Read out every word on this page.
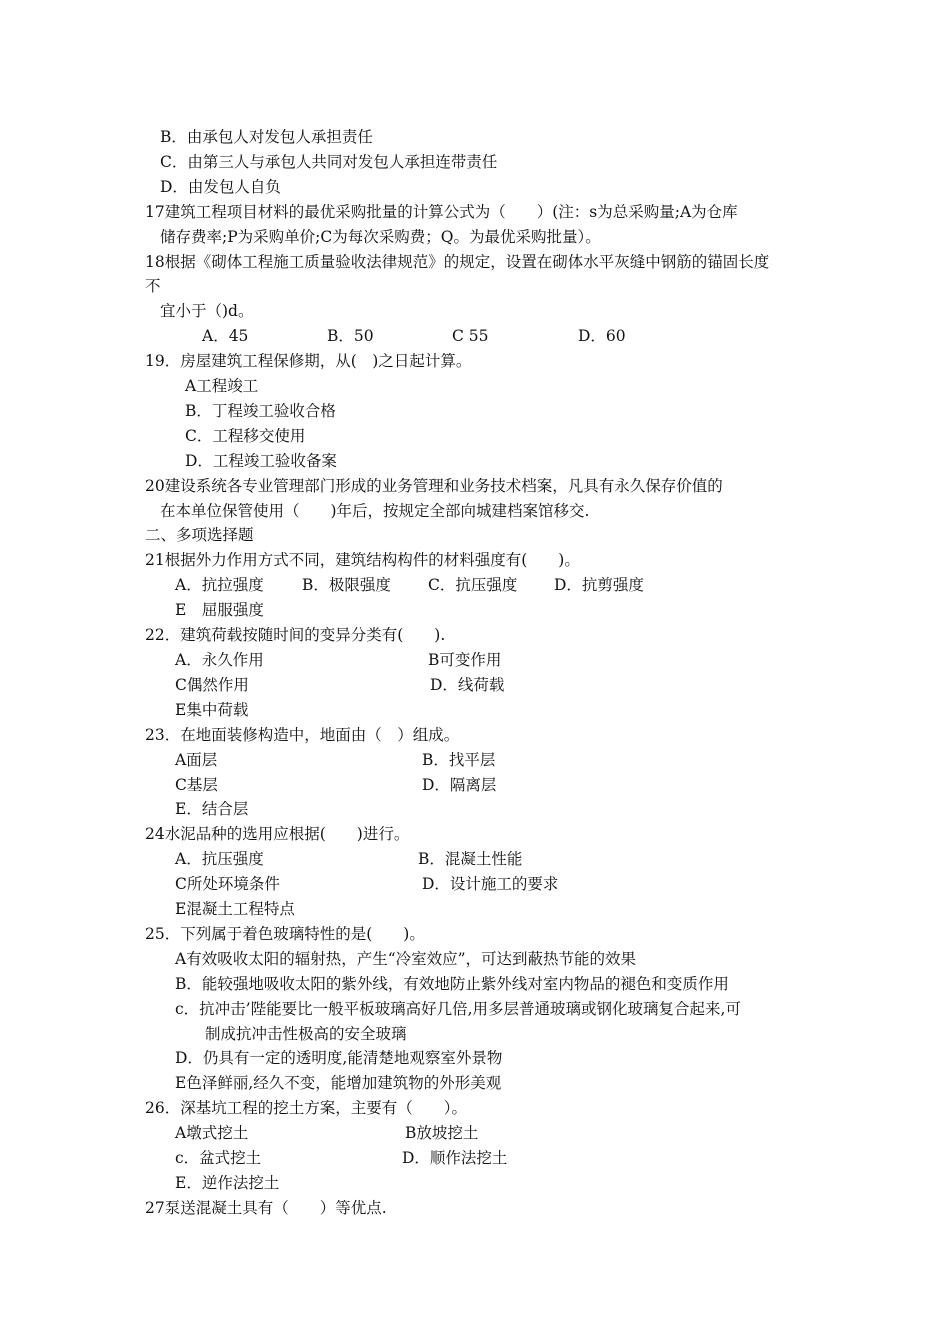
B．由承包人对发包人承担责任
C．由第三人与承包人共同对发包人承担连带责任
D．由发包人自负
17建筑工程项目材料的最优采购批量的计算公式为（　　）(注：s为总采购量;A为仓库
储存费率;P为采购单价;C为每次采购费；Q。为最优采购批量）。
18根据《砌体工程施工质量验收法律规范》的规定，设置在砌体水平灰缝中钢筋的锚固长度
不
宜小于（)d。
A．45	B．50	C 55	D．60
19．房屋建筑工程保修期，从(　)之日起计算。
A工程竣工
B．丁程竣工验收合格
C．工程移交使用
D．工程竣工验收备案
20建设系统各专业管理部门形成的业务管理和业务技术档案，凡具有永久保存价值的
在本单位保管使用（　　)年后，按规定全部向城建档案馆移交.
二、多项选择题
21根据外力作用方式不同，建筑结构构件的材料强度有(　　)。
A．抗拉强度 B．极限强度 C．抗压强度 D．抗剪强度
E　屈服强度
22．建筑荷载按随时间的变异分类有(　　).
A．永久作用	B可变作用
C偶然作用	D．线荷载
E集中荷载
23．在地面装修构造中，地面由（　）组成。
A面层	B．找平层
C基层	D．隔离层
E．结合层
24水泥品种的选用应根据(　　)进行。
A．抗压强度	B．混凝土性能
C所处环境条件	D．设计施工的要求
E混凝土工程特点
25．下列属于着色玻璃特性的是(　　)。
A有效吸收太阳的辐射热，产生“冷室效应”，可达到蔽热节能的效果
B．能较强地吸收太阳的紫外线，有效地防止紫外线对室内物品的褪色和变质作用
c．抗冲击’陛能要比一般平板玻璃高好几倍,用多层普通玻璃或钢化玻璃复合起来,可
制成抗冲击性极高的安全玻璃
D．仍具有一定的透明度,能清楚地观察室外景物
E色泽鲜丽,经久不变，能增加建筑物的外形美观
26．深基坑工程的挖土方案，主要有（　　）。
A墩式挖土	B放坡挖土
c．盆式挖土	D．顺作法挖土
E．逆作法挖土
27泵送混凝土具有（　　）等优点.
